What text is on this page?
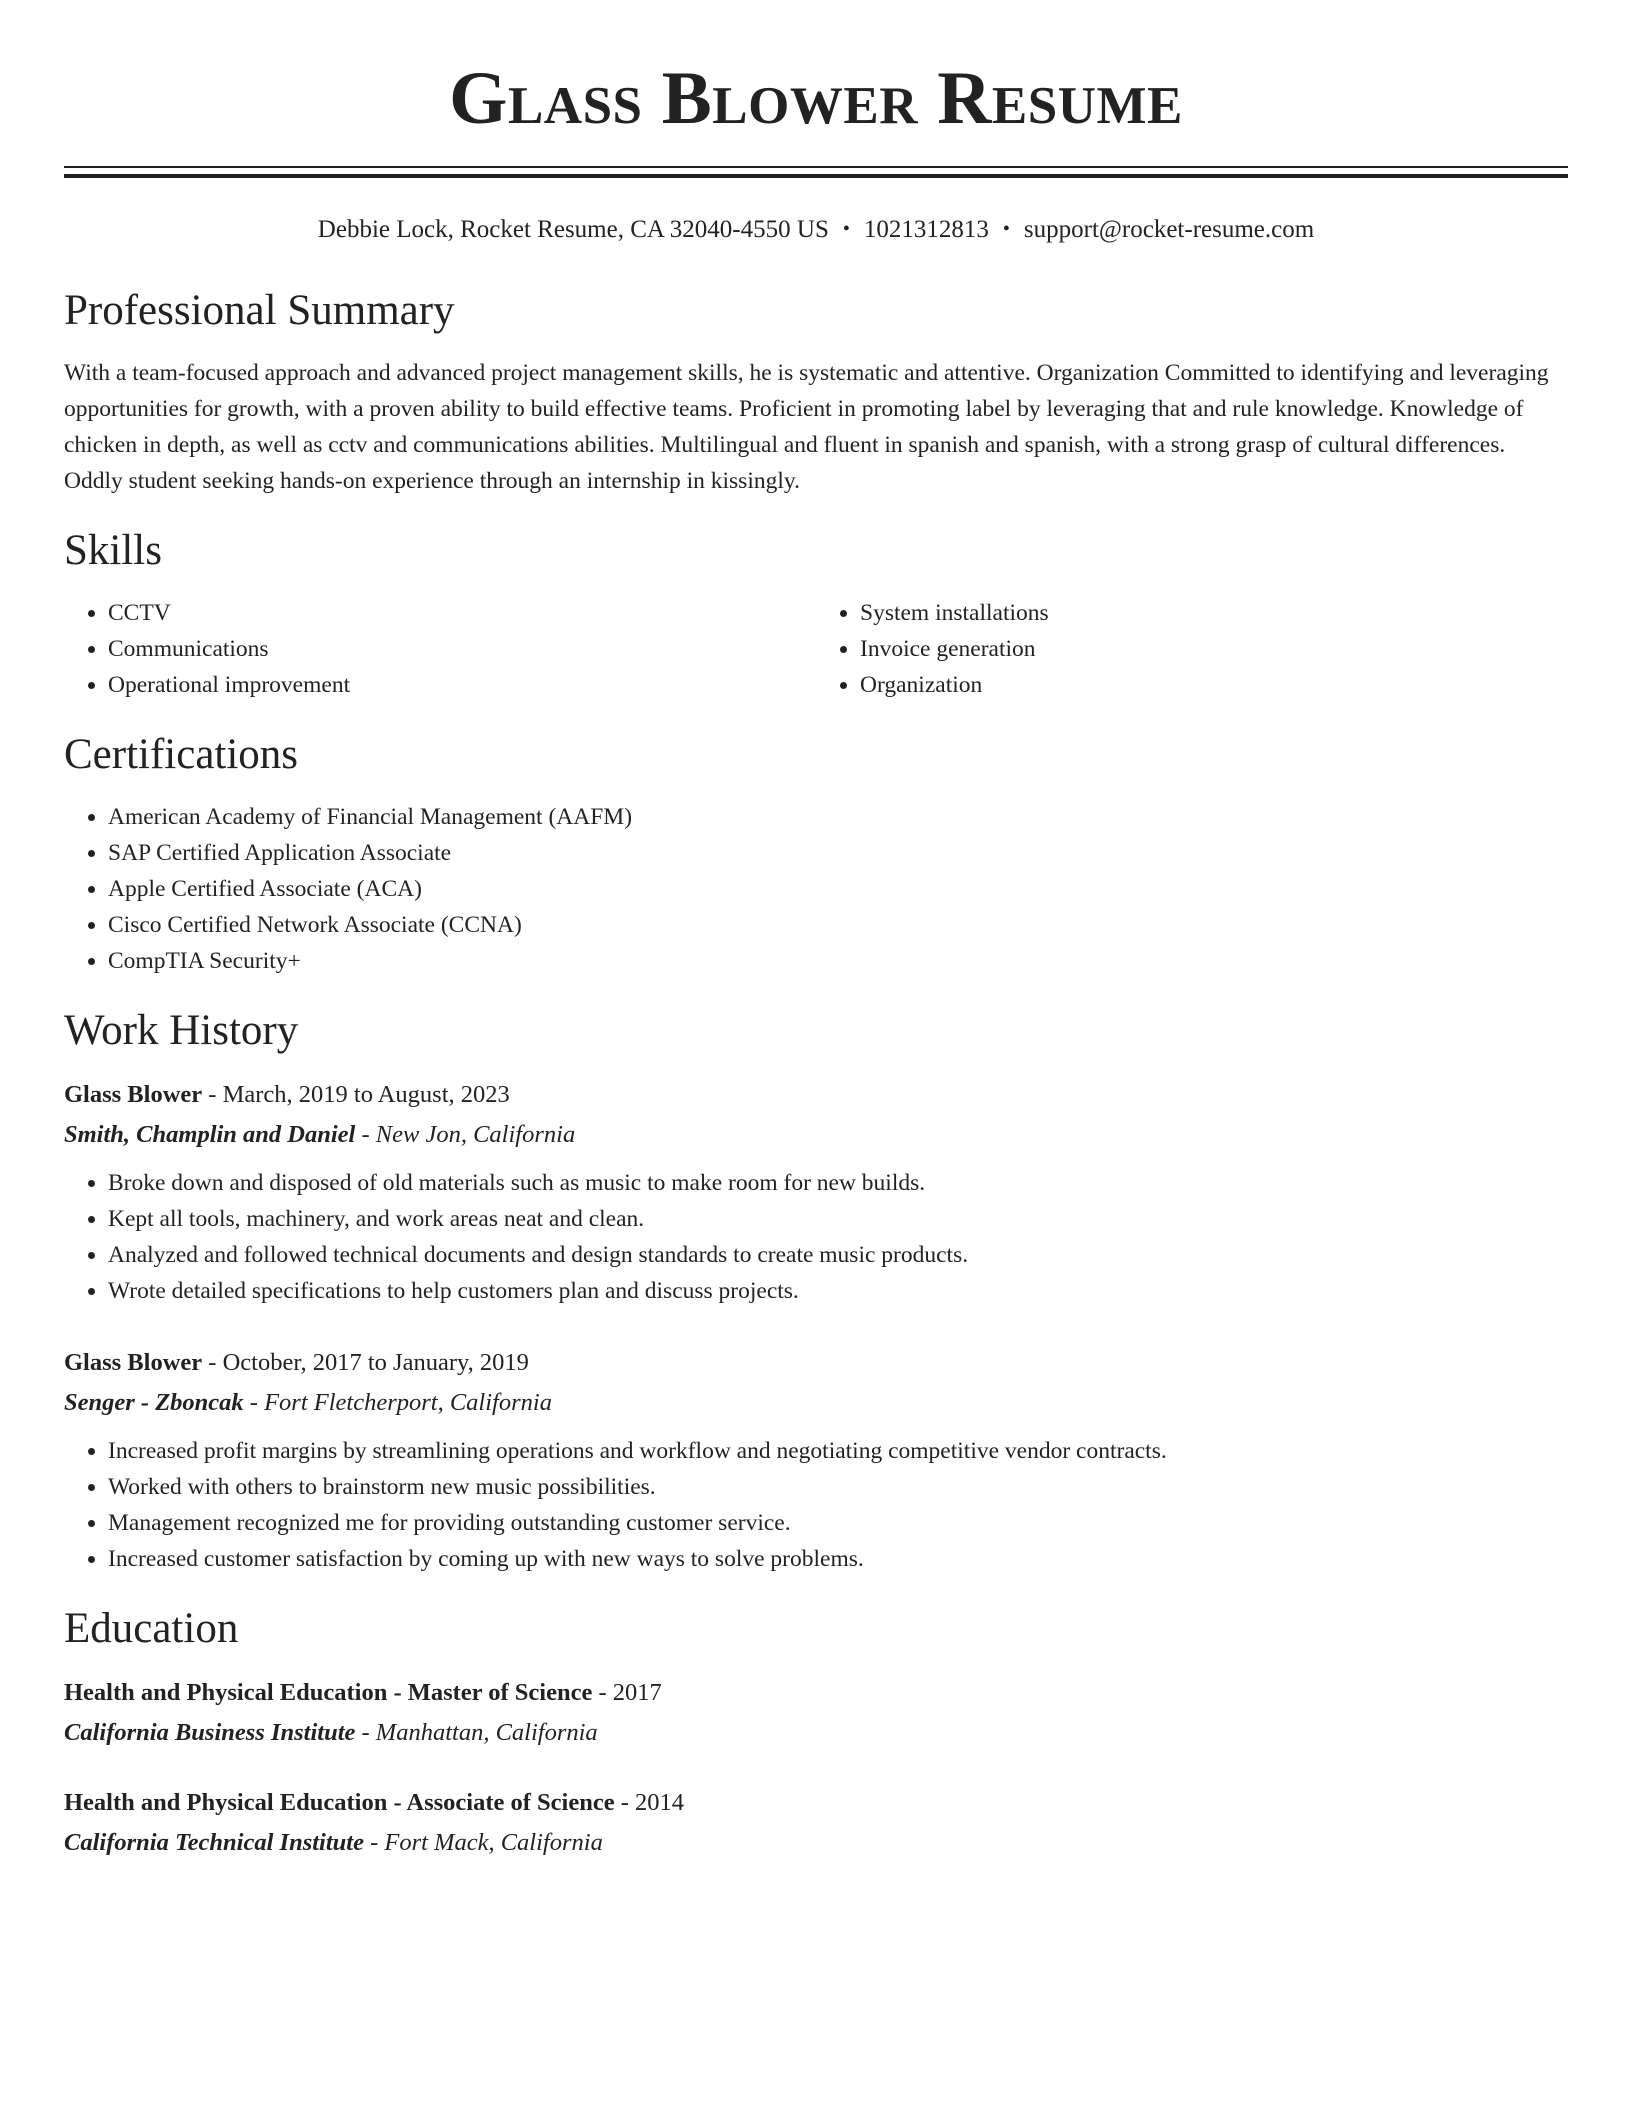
Glass Blower Resume
Debbie Lock, Rocket Resume, CA 32040-4550 US • 1021312813 • support@rocket-resume.com
Professional Summary

With a team-focused approach and advanced project management skills, he is systematic and attentive. Organization Committed to identifying and leveraging opportunities for growth, with a proven ability to build effective teams. Proficient in promoting label by leveraging that and rule knowledge. Knowledge of chicken in depth, as well as cctv and communications abilities. Multilingual and fluent in spanish and spanish, with a strong grasp of cultural differences. Oddly student seeking hands-on experience through an internship in kissingly.

Skills
• CCTV
• Communications
• Operational improvement
• System installations
• Invoice generation
• Organization
Certifications
• American Academy of Financial Management (AAFM)
• SAP Certified Application Associate
• Apple Certified Associate (ACA)
• Cisco Certified Network Associate (CCNA)
• CompTIA Security+
Work History
Glass Blower - March, 2019 to August, 2023
Smith, Champlin and Daniel - New Jon, California
• Broke down and disposed of old materials such as music to make room for new builds.
• Kept all tools, machinery, and work areas neat and clean.
• Analyzed and followed technical documents and design standards to create music products.
• Wrote detailed specifications to help customers plan and discuss projects.
Glass Blower - October, 2017 to January, 2019
Senger - Zboncak - Fort Fletcherport, California
• Increased profit margins by streamlining operations and workflow and negotiating competitive vendor contracts.
• Worked with others to brainstorm new music possibilities.
• Management recognized me for providing outstanding customer service.
• Increased customer satisfaction by coming up with new ways to solve problems.
Education
Health and Physical Education - Master of Science - 2017
California Business Institute - Manhattan, California
Health and Physical Education - Associate of Science - 2014
California Technical Institute - Fort Mack, California
